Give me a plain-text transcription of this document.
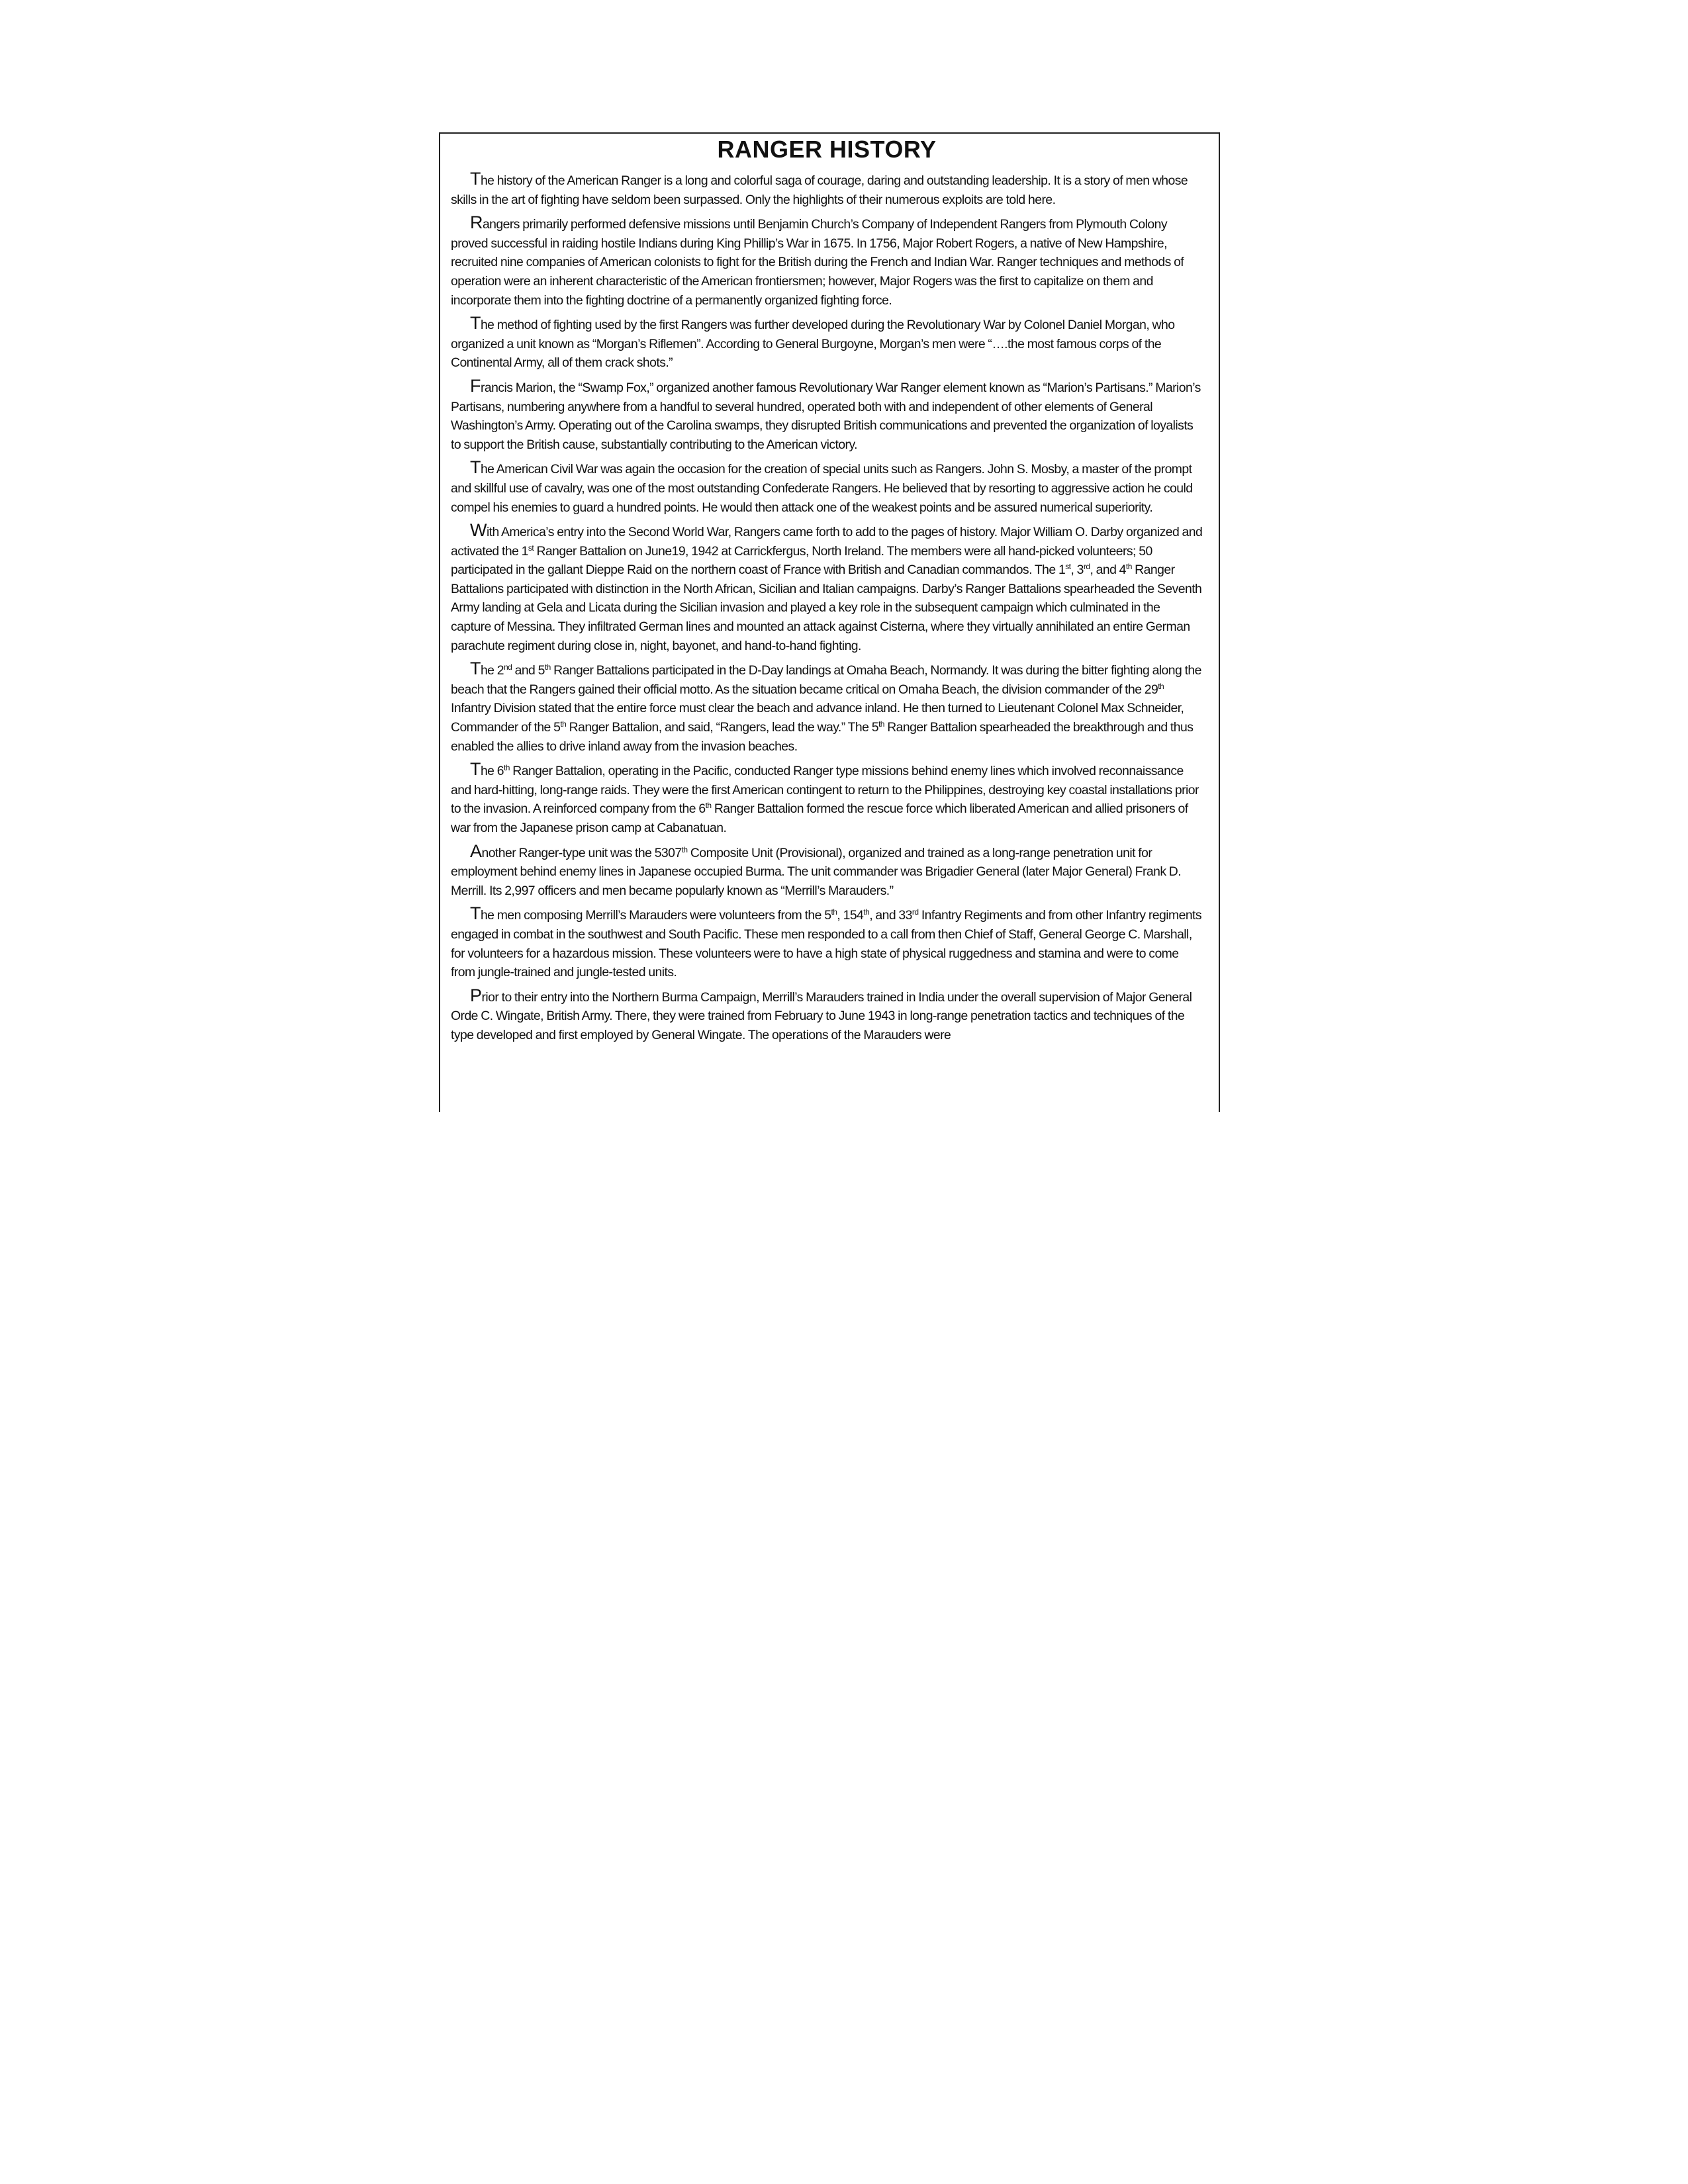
RANGER HISTORY

The history of the American Ranger is a long and colorful saga of courage, daring and outstanding leadership. It is a story of men whose skills in the art of fighting have seldom been surpassed. Only the highlights of their numerous exploits are told here.

Rangers primarily performed defensive missions until Benjamin Church’s Company of Independent Rangers from Plymouth Colony proved successful in raiding hostile Indians during King Phillip’s War in 1675. In 1756, Major Robert Rogers, a native of New Hampshire, recruited nine companies of American colonists to fight for the British during the French and Indian War. Ranger techniques and methods of operation were an inherent characteristic of the American frontiersmen; however, Major Rogers was the first to capitalize on them and incorporate them into the fighting doctrine of a permanently organized fighting force.

The method of fighting used by the first Rangers was further developed during the Revolutionary War by Colonel Daniel Morgan, who organized a unit known as “Morgan’s Riflemen”. According to General Burgoyne, Morgan’s men were “….the most famous corps of the Continental Army, all of them crack shots.”

Francis Marion, the “Swamp Fox,” organized another famous Revolutionary War Ranger element known as “Marion’s Partisans.” Marion’s Partisans, numbering anywhere from a handful to several hundred, operated both with and independent of other elements of General Washington’s Army. Operating out of the Carolina swamps, they disrupted British communications and prevented the organization of loyalists to support the British cause, substantially contributing to the American victory.

The American Civil War was again the occasion for the creation of special units such as Rangers. John S. Mosby, a master of the prompt and skillful use of cavalry, was one of the most outstanding Confederate Rangers. He believed that by resorting to aggressive action he could compel his enemies to guard a hundred points. He would then attack one of the weakest points and be assured numerical superiority.

With America’s entry into the Second World War, Rangers came forth to add to the pages of history. Major William O. Darby organized and activated the 1st Ranger Battalion on June19, 1942 at Carrickfergus, North Ireland. The members were all hand-picked volunteers; 50 participated in the gallant Dieppe Raid on the northern coast of France with British and Canadian commandos. The 1st, 3rd, and 4th Ranger Battalions participated with distinction in the North African, Sicilian and Italian campaigns. Darby’s Ranger Battalions spearheaded the Seventh Army landing at Gela and Licata during the Sicilian invasion and played a key role in the subsequent campaign which culminated in the capture of Messina. They infiltrated German lines and mounted an attack against Cisterna, where they virtually annihilated an entire German parachute regiment during close in, night, bayonet, and hand-to-hand fighting.

The 2nd and 5th Ranger Battalions participated in the D-Day landings at Omaha Beach, Normandy. It was during the bitter fighting along the beach that the Rangers gained their official motto. As the situation became critical on Omaha Beach, the division commander of the 29th Infantry Division stated that the entire force must clear the beach and advance inland. He then turned to Lieutenant Colonel Max Schneider, Commander of the 5th Ranger Battalion, and said, “Rangers, lead the way.” The 5th Ranger Battalion spearheaded the breakthrough and thus enabled the allies to drive inland away from the invasion beaches.

The 6th Ranger Battalion, operating in the Pacific, conducted Ranger type missions behind enemy lines which involved reconnaissance and hard-hitting, long-range raids. They were the first American contingent to return to the Philippines, destroying key coastal installations prior to the invasion. A reinforced company from the 6th Ranger Battalion formed the rescue force which liberated American and allied prisoners of war from the Japanese prison camp at Cabanatuan.

Another Ranger-type unit was the 5307th Composite Unit (Provisional), organized and trained as a long-range penetration unit for employment behind enemy lines in Japanese occupied Burma. The unit commander was Brigadier General (later Major General) Frank D. Merrill. Its 2,997 officers and men became popularly known as “Merrill’s Marauders.”

The men composing Merrill’s Marauders were volunteers from the 5th, 154th, and 33rd Infantry Regiments and from other Infantry regiments engaged in combat in the southwest and South Pacific. These men responded to a call from then Chief of Staff, General George C. Marshall, for volunteers for a hazardous mission. These volunteers were to have a high state of physical ruggedness and stamina and were to come from jungle-trained and jungle-tested units.

Prior to their entry into the Northern Burma Campaign, Merrill’s Marauders trained in India under the overall supervision of Major General Orde C. Wingate, British Army. There, they were trained from February to June 1943 in long-range penetration tactics and techniques of the type developed and first employed by General Wingate. The operations of the Marauders were
